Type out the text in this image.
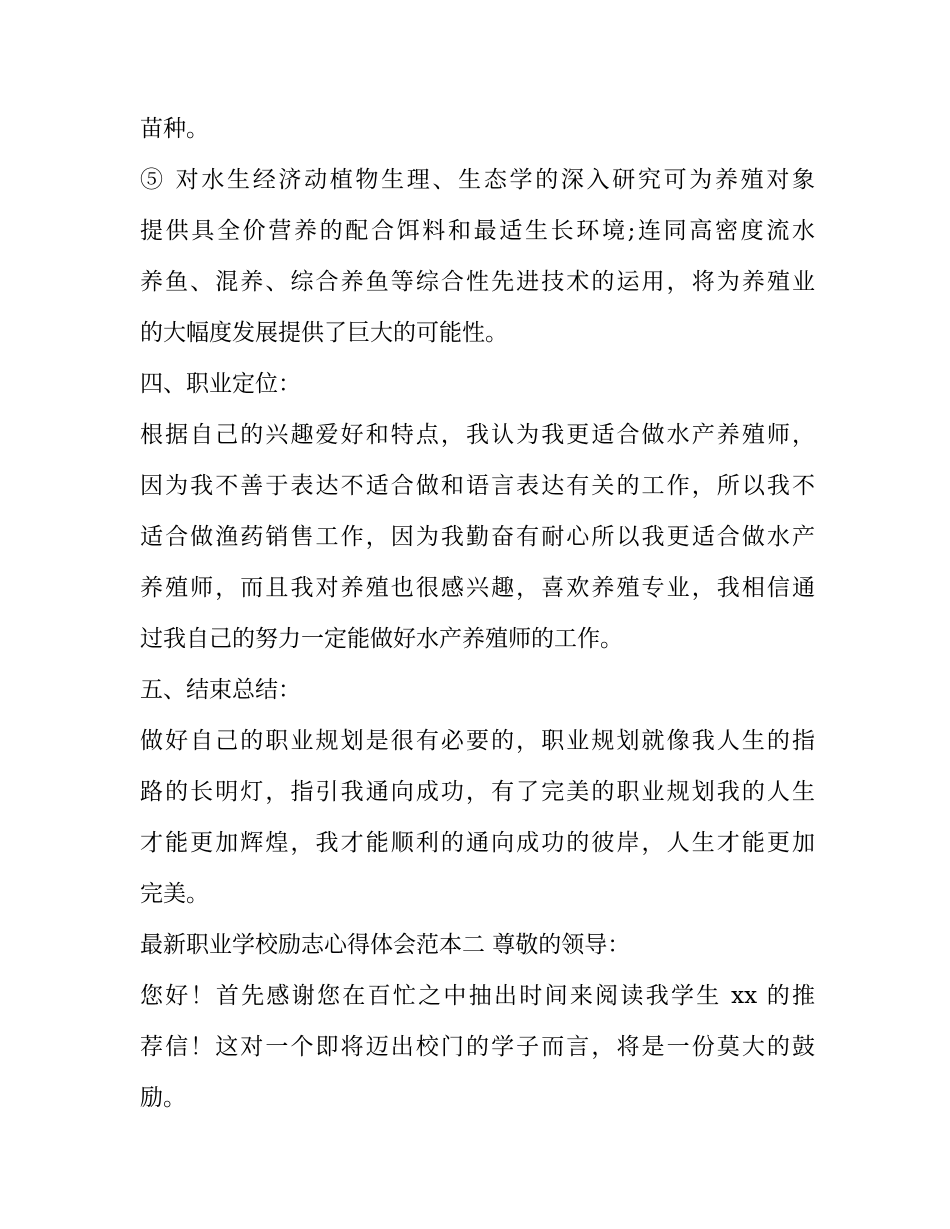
苗种。
⑤ 对水生经济动植物生理、生态学的深入研究可为养殖对象
提供具全价营养的配合饵料和最适生长环境;连同高密度流水
养鱼、混养、综合养鱼等综合性先进技术的运用，将为养殖业
的大幅度发展提供了巨大的可能性。
四、职业定位：
根据自己的兴趣爱好和特点，我认为我更适合做水产养殖师，
因为我不善于表达不适合做和语言表达有关的工作，所以我不
适合做渔药销售工作，因为我勤奋有耐心所以我更适合做水产
养殖师，而且我对养殖也很感兴趣，喜欢养殖专业，我相信通
过我自己的努力一定能做好水产养殖师的工作。
五、结束总结：
做好自己的职业规划是很有必要的，职业规划就像我人生的指
路的长明灯，指引我通向成功，有了完美的职业规划我的人生
才能更加辉煌，我才能顺利的通向成功的彼岸，人生才能更加
完美。
最新职业学校励志心得体会范本二 尊敬的领导：
您好！首先感谢您在百忙之中抽出时间来阅读我学生 xx 的推
荐信！这对一个即将迈出校门的学子而言，将是一份莫大的鼓
励。
